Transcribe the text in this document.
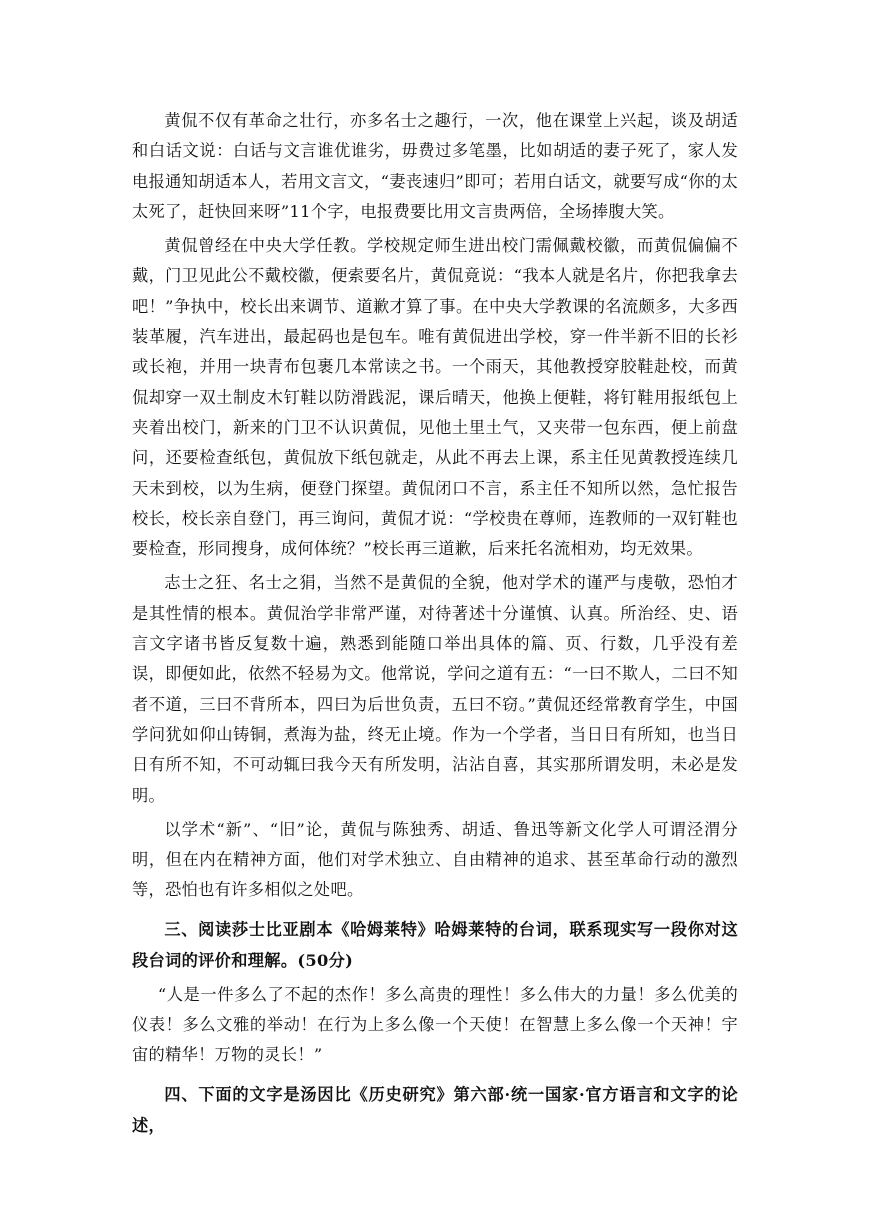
黄侃不仅有革命之壮行，亦多名士之趣行，一次，他在课堂上兴起，谈及胡适和白话文说：白话与文言谁优谁劣，毋费过多笔墨，比如胡适的妻子死了，家人发电报通知胡适本人，若用文言文，“妻丧速归”即可；若用白话文，就要写成“你的太太死了，赶快回来呀”11个字，电报费要比用文言贵两倍，全场捧腹大笑。

黄侃曾经在中央大学任教。学校规定师生进出校门需佩戴校徽，而黄侃偏偏不戴，门卫见此公不戴校徽，便索要名片，黄侃竟说：“我本人就是名片，你把我拿去吧！”争执中，校长出来调节、道歉才算了事。在中央大学教课的名流颇多，大多西装革履，汽车进出，最起码也是包车。唯有黄侃进出学校，穿一件半新不旧的长衫或长袍，并用一块青布包裹几本常读之书。一个雨天，其他教授穿胶鞋赴校，而黄侃却穿一双土制皮木钉鞋以防滑践泥，课后晴天，他换上便鞋，将钉鞋用报纸包上夹着出校门，新来的门卫不认识黄侃，见他土里土气，又夹带一包东西，便上前盘问，还要检查纸包，黄侃放下纸包就走，从此不再去上课，系主任见黄教授连续几天未到校，以为生病，便登门探望。黄侃闭口不言，系主任不知所以然，急忙报告校长，校长亲自登门，再三询问，黄侃才说：“学校贵在尊师，连教师的一双钉鞋也要检查，形同搜身，成何体统？”校长再三道歉，后来托名流相劝，均无效果。

志士之狂、名士之狷，当然不是黄侃的全貌，他对学术的谨严与虔敬，恐怕才是其性情的根本。黄侃治学非常严谨，对待著述十分谨慎、认真。所治经、史、语言文字诸书皆反复数十遍，熟悉到能随口举出具体的篇、页、行数，几乎没有差误，即便如此，依然不轻易为文。他常说，学问之道有五：“一曰不欺人，二曰不知者不道，三曰不背所本，四曰为后世负责，五曰不窃。”黄侃还经常教育学生，中国学问犹如仰山铸铜，煮海为盐，终无止境。作为一个学者，当日日有所知，也当日日有所不知，不可动辄曰我今天有所发明，沾沾自喜，其实那所谓发明，未必是发明。

以学术“新”、“旧”论，黄侃与陈独秀、胡适、鲁迅等新文化学人可谓泾渭分明，但在内在精神方面，他们对学术独立、自由精神的追求、甚至革命行动的激烈等，恐怕也有许多相似之处吧。

三、阅读莎士比亚剧本《哈姆莱特》哈姆莱特的台词，联系现实写一段你对这段台词的评价和理解。(50分)

“人是一件多么了不起的杰作！多么高贵的理性！多么伟大的力量！多么优美的仪表！多么文雅的举动！在行为上多么像一个天使！在智慧上多么像一个天神！宇宙的精华！万物的灵长！”

四、下面的文字是汤因比《历史研究》第六部·统一国家·官方语言和文字的论述，
